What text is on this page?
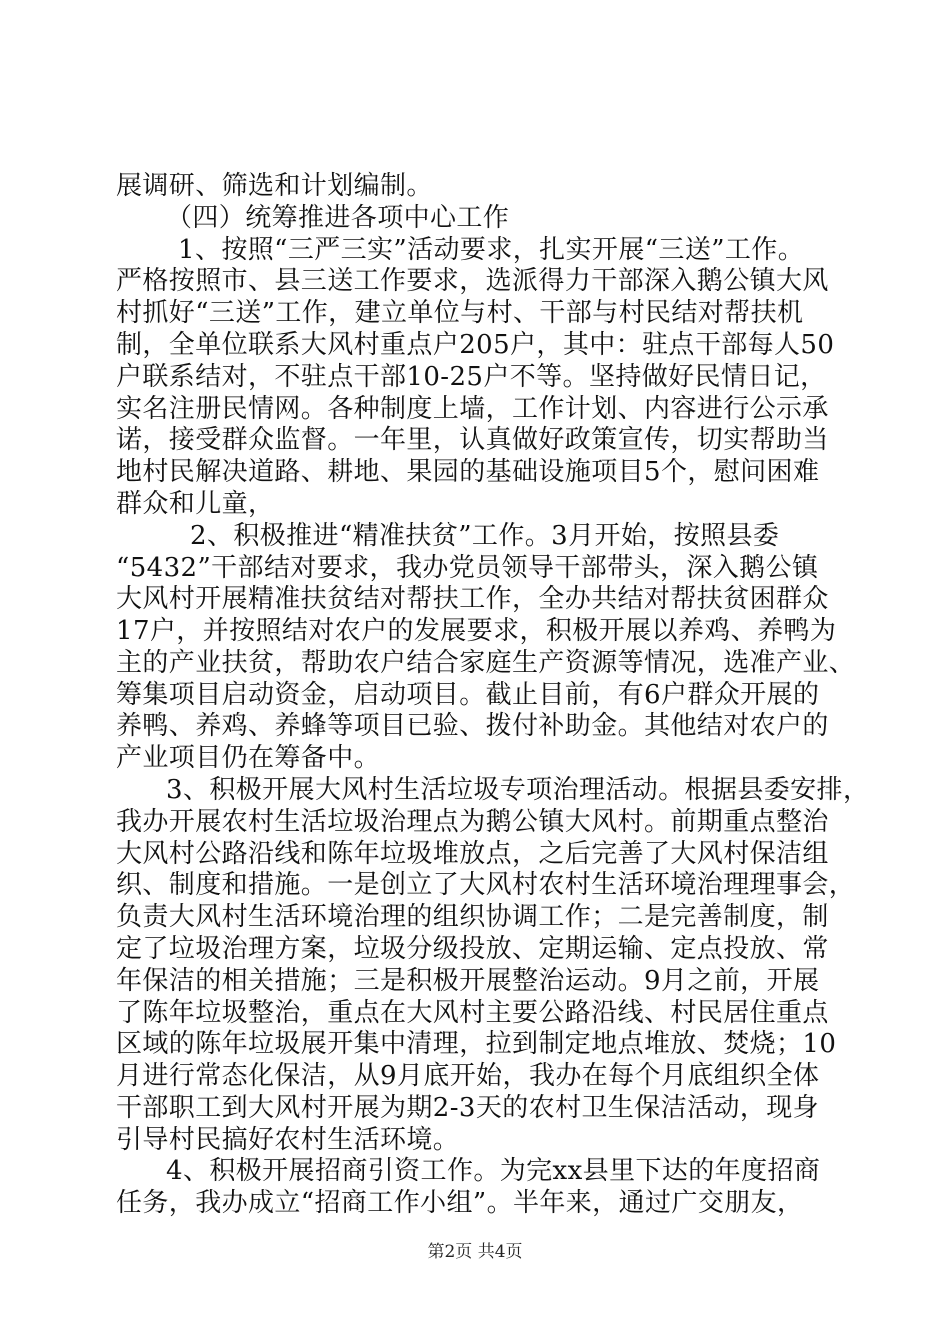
展调研、筛选和计划编制。
（四）统筹推进各项中心工作
1、按照“三严三实”活动要求，扎实开展“三送”工作。
严格按照市、县三送工作要求，选派得力干部深入鹅公镇大风
村抓好“三送”工作，建立单位与村、干部与村民结对帮扶机
制，全单位联系大风村重点户205户，其中：驻点干部每人50
户联系结对，不驻点干部10-25户不等。坚持做好民情日记，
实名注册民情网。各种制度上墙，工作计划、内容进行公示承
诺，接受群众监督。一年里，认真做好政策宣传，切实帮助当
地村民解决道路、耕地、果园的基础设施项目5个，慰问困难
群众和儿童，
2、积极推进“精准扶贫”工作。3月开始，按照县委
“5432”干部结对要求，我办党员领导干部带头，深入鹅公镇
大风村开展精准扶贫结对帮扶工作，全办共结对帮扶贫困群众
17户，并按照结对农户的发展要求，积极开展以养鸡、养鸭为
主的产业扶贫，帮助农户结合家庭生产资源等情况，选准产业、
筹集项目启动资金，启动项目。截止目前，有6户群众开展的
养鸭、养鸡、养蜂等项目已验、拨付补助金。其他结对农户的
产业项目仍在筹备中。
3、积极开展大风村生活垃圾专项治理活动。根据县委安排，
我办开展农村生活垃圾治理点为鹅公镇大风村。前期重点整治
大风村公路沿线和陈年垃圾堆放点，之后完善了大风村保洁组
织、制度和措施。一是创立了大风村农村生活环境治理理事会，
负责大风村生活环境治理的组织协调工作；二是完善制度，制
定了垃圾治理方案，垃圾分级投放、定期运输、定点投放、常
年保洁的相关措施；三是积极开展整治运动。9月之前，开展
了陈年垃圾整治，重点在大风村主要公路沿线、村民居住重点
区域的陈年垃圾展开集中清理，拉到制定地点堆放、焚烧；10
月进行常态化保洁，从9月底开始，我办在每个月底组织全体
干部职工到大风村开展为期2-3天的农村卫生保洁活动，现身
引导村民搞好农村生活环境。
4、积极开展招商引资工作。为完xx县里下达的年度招商
任务，我办成立“招商工作小组”。半年来，通过广交朋友，
第2页 共4页
